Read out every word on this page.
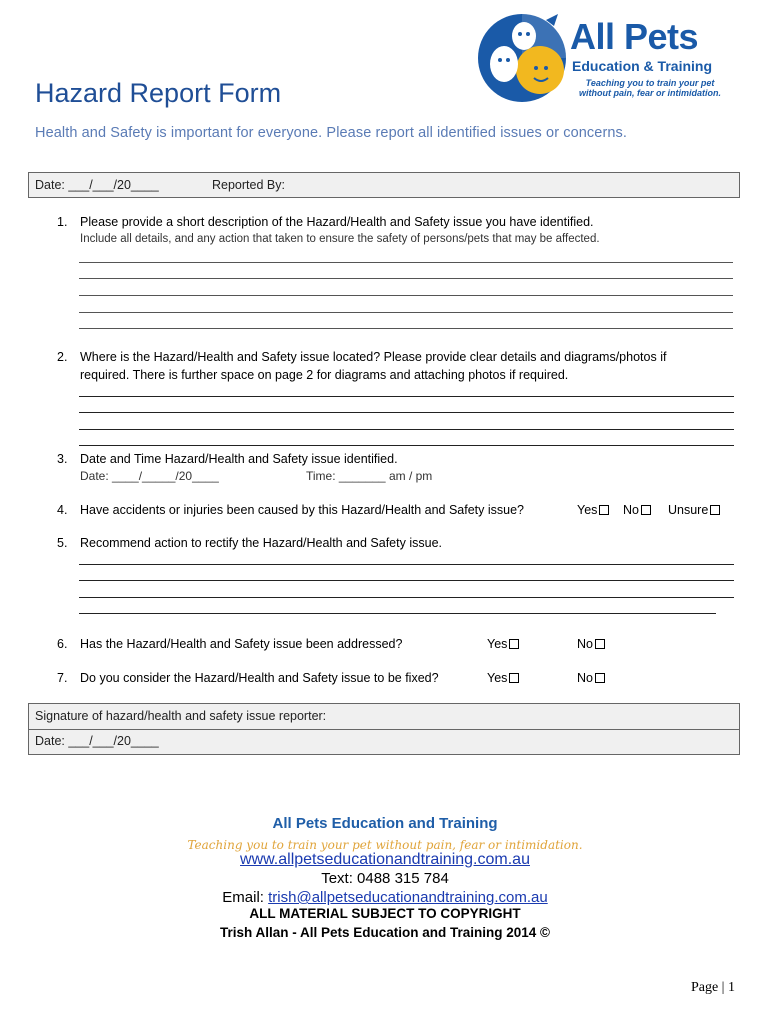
All Pets
Education & Training
Teaching you to train your pet without pain, fear or intimidation.
Hazard Report Form
Health and Safety is important for everyone. Please report all identified issues or concerns.
Date: ___/___/20____	Reported By:
1. Please provide a short description of the Hazard/Health and Safety issue you have identified.
Include all details, and any action that taken to ensure the safety of persons/pets that may be affected.
2. Where is the Hazard/Health and Safety issue located? Please provide clear details and diagrams/photos if
required. There is further space on page 2 for diagrams and attaching photos if required.
3. Date and Time Hazard/Health and Safety issue identified.
Date: ____/_____/20____	Time: _______ am / pm
4. Have accidents or injuries been caused by this Hazard/Health and Safety issue?	Yes	No	Unsure
5. Recommend action to rectify the Hazard/Health and Safety issue.
6. Has the Hazard/Health and Safety issue been addressed?	Yes	No
7. Do you consider the Hazard/Health and Safety issue to be fixed?	Yes	No
Signature of hazard/health and safety issue reporter:
Date: ___/___/20____
All Pets Education and Training
Teaching you to train your pet without pain, fear or intimidation.
www.allpetseducationandtraining.com.au
Text: 0488 315 784
Email: trish@allpetseducationandtraining.com.au
ALL MATERIAL SUBJECT TO COPYRIGHT
Trish Allan - All Pets Education and Training 2014 ©
Page | 1
